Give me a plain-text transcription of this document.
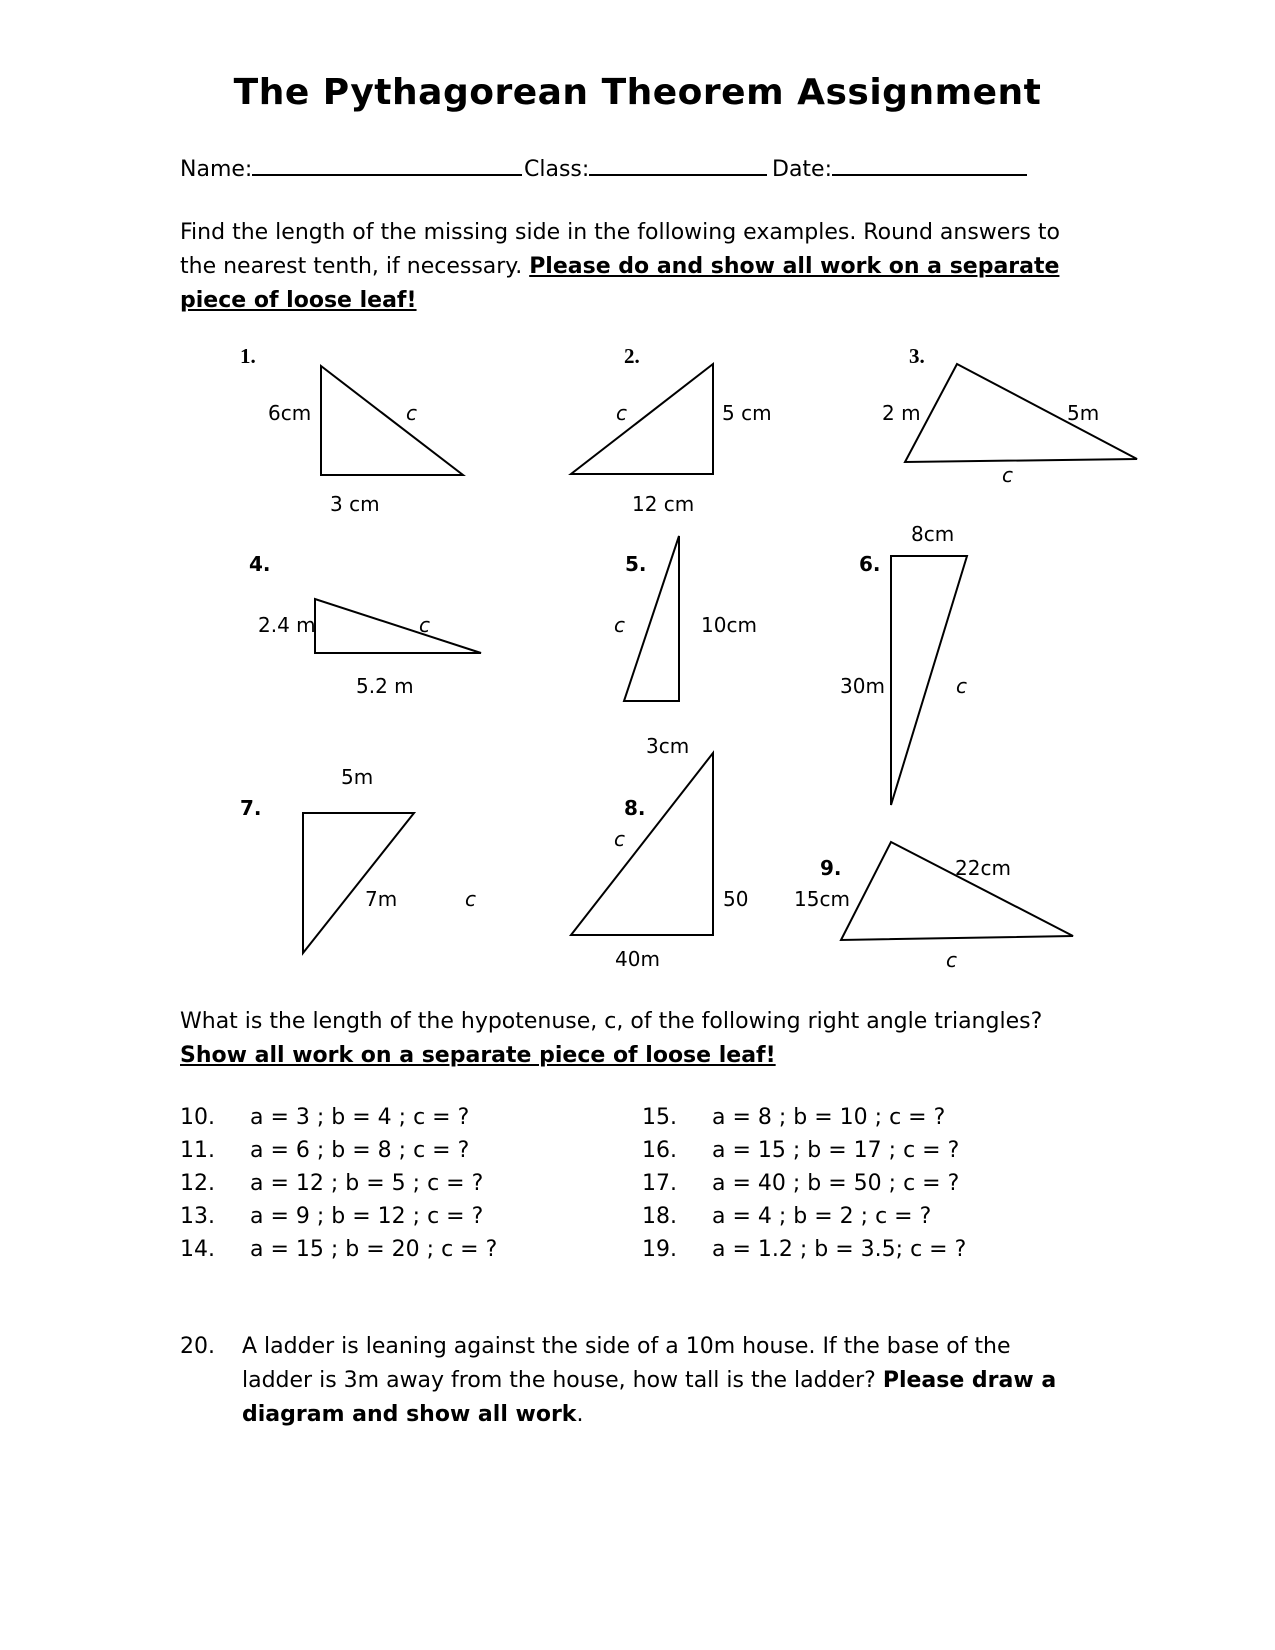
The Pythagorean Theorem Assignment
Name:	Class:	Date:
Find the length of the missing side in the following examples. Round answers to the nearest tenth, if necessary. Please do and show all work on a separate piece of loose leaf!
1.
6cm	c
3 cm
2.
c	5 cm
12 cm
3.
2 m	5m
c
4.
2.4 m	c
5.2 m
5.
c	10cm
3cm
6.
8cm
30m	c
7.
5m
7m	c
8.
c
50
40m
9.
15cm
22cm
c
What is the length of the hypotenuse, c, of the following right angle triangles? Show all work on a separate piece of loose leaf!
10. a = 3 ; b = 4 ; c = ?
11. a = 6 ; b = 8 ; c = ?
12. a = 12 ; b = 5 ; c = ?
13. a = 9 ; b = 12 ; c = ?
14. a = 15 ; b = 20 ; c = ?
15. a = 8 ; b = 10 ; c = ?
16. a = 15 ; b = 17 ; c = ?
17. a = 40 ; b = 50 ; c = ?
18. a = 4 ; b = 2 ; c = ?
19. a = 1.2 ; b = 3.5; c = ?
20. A ladder is leaning against the side of a 10m house. If the base of the ladder is 3m away from the house, how tall is the ladder? Please draw a diagram and show all work.
